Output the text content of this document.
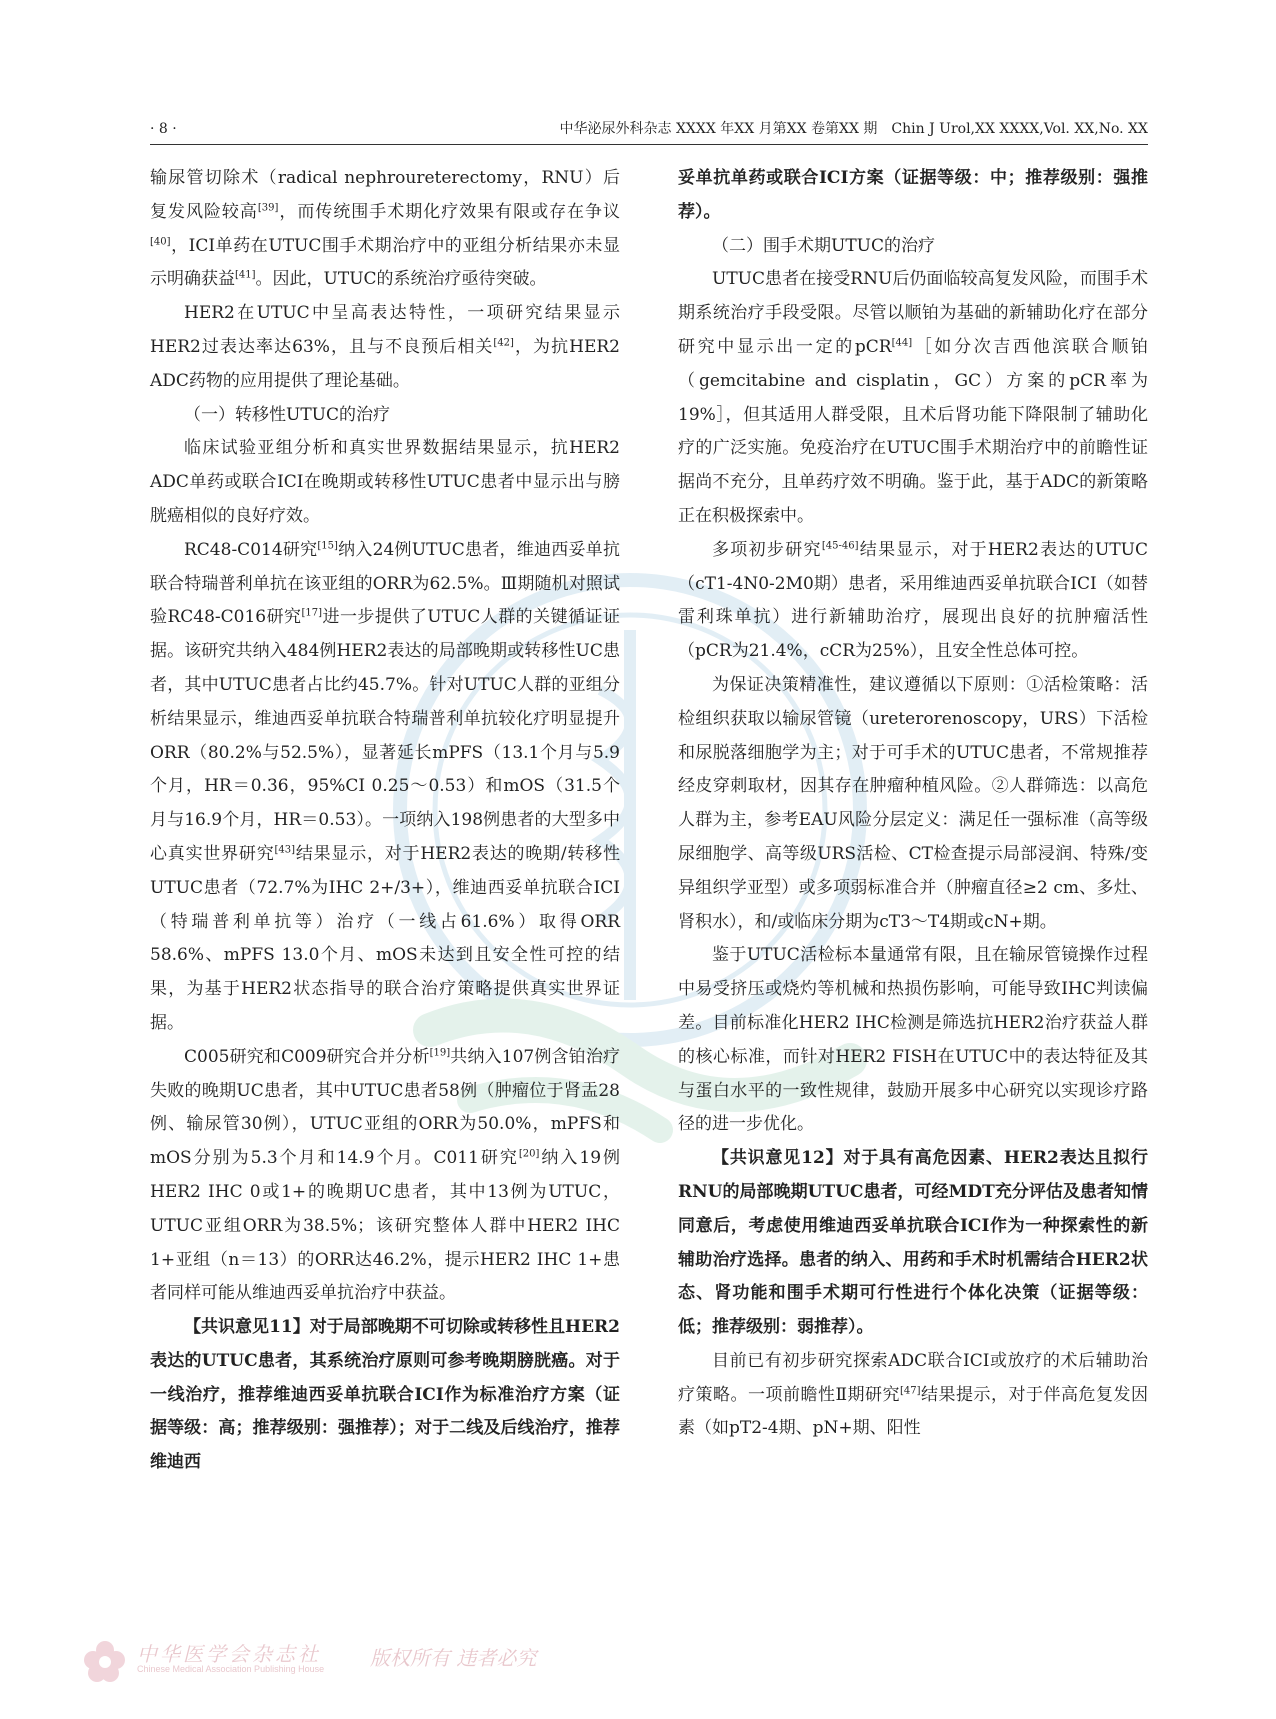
· 8 ·	中华泌尿外科杂志 XXXX 年XX 月第XX 卷第XX 期　Chin J Urol,XX XXXX,Vol. XX,No. XX

输尿管切除术（radical nephroureterectomy，RNU）后复发风险较高[39]，而传统围手术期化疗效果有限或存在争议[40]，ICI单药在UTUC围手术期治疗中的亚组分析结果亦未显示明确获益[41]。因此，UTUC的系统治疗亟待突破。

HER2在UTUC中呈高表达特性，一项研究结果显示HER2过表达率达63%，且与不良预后相关[42]，为抗HER2 ADC药物的应用提供了理论基础。

（一）转移性UTUC的治疗

临床试验亚组分析和真实世界数据结果显示，抗HER2 ADC单药或联合ICI在晚期或转移性UTUC患者中显示出与膀胱癌相似的良好疗效。

RC48-C014研究[15]纳入24例UTUC患者，维迪西妥单抗联合特瑞普利单抗在该亚组的ORR为62.5%。Ⅲ期随机对照试验RC48-C016研究[17]进一步提供了UTUC人群的关键循证证据。该研究共纳入484例HER2表达的局部晚期或转移性UC患者，其中UTUC患者占比约45.7%。针对UTUC人群的亚组分析结果显示，维迪西妥单抗联合特瑞普利单抗较化疗明显提升ORR（80.2%与52.5%），显著延长mPFS（13.1个月与5.9个月，HR＝0.36，95%CI 0.25～0.53）和mOS（31.5个月与16.9个月，HR＝0.53）。一项纳入198例患者的大型多中心真实世界研究[43]结果显示，对于HER2表达的晚期/转移性UTUC患者（72.7%为IHC 2+/3+），维迪西妥单抗联合ICI（特瑞普利单抗等）治疗（一线占61.6%）取得ORR 58.6%、mPFS 13.0个月、mOS未达到且安全性可控的结果，为基于HER2状态指导的联合治疗策略提供真实世界证据。

C005研究和C009研究合并分析[19]共纳入107例含铂治疗失败的晚期UC患者，其中UTUC患者58例（肿瘤位于肾盂28例、输尿管30例），UTUC亚组的ORR为50.0%，mPFS和mOS分别为5.3个月和14.9个月。C011研究[20]纳入19例HER2 IHC 0或1+的晚期UC患者，其中13例为UTUC，UTUC亚组ORR为38.5%；该研究整体人群中HER2 IHC 1+亚组（n＝13）的ORR达46.2%，提示HER2 IHC 1+患者同样可能从维迪西妥单抗治疗中获益。

【共识意见11】对于局部晚期不可切除或转移性且HER2表达的UTUC患者，其系统治疗原则可参考晚期膀胱癌。对于一线治疗，推荐维迪西妥单抗联合ICI作为标准治疗方案（证据等级：高；推荐级别：强推荐）；对于二线及后线治疗，推荐维迪西

妥单抗单药或联合ICI方案（证据等级：中；推荐级别：强推荐）。

（二）围手术期UTUC的治疗

UTUC患者在接受RNU后仍面临较高复发风险，而围手术期系统治疗手段受限。尽管以顺铂为基础的新辅助化疗在部分研究中显示出一定的pCR[44]［如分次吉西他滨联合顺铂（gemcitabine and cisplatin，GC）方案的pCR率为19%］，但其适用人群受限，且术后肾功能下降限制了辅助化疗的广泛实施。免疫治疗在UTUC围手术期治疗中的前瞻性证据尚不充分，且单药疗效不明确。鉴于此，基于ADC的新策略正在积极探索中。

多项初步研究[45-46]结果显示，对于HER2表达的UTUC（cT1-4N0-2M0期）患者，采用维迪西妥单抗联合ICI（如替雷利珠单抗）进行新辅助治疗，展现出良好的抗肿瘤活性（pCR为21.4%，cCR为25%），且安全性总体可控。

为保证决策精准性，建议遵循以下原则：①活检策略：活检组织获取以输尿管镜（ureterorenoscopy，URS）下活检和尿脱落细胞学为主；对于可手术的UTUC患者，不常规推荐经皮穿刺取材，因其存在肿瘤种植风险。②人群筛选：以高危人群为主，参考EAU风险分层定义：满足任一强标准（高等级尿细胞学、高等级URS活检、CT检查提示局部浸润、特殊/变异组织学亚型）或多项弱标准合并（肿瘤直径≥2 cm、多灶、肾积水），和/或临床分期为cT3～T4期或cN+期。

鉴于UTUC活检标本量通常有限，且在输尿管镜操作过程中易受挤压或烧灼等机械和热损伤影响，可能导致IHC判读偏差。目前标准化HER2 IHC检测是筛选抗HER2治疗获益人群的核心标准，而针对HER2 FISH在UTUC中的表达特征及其与蛋白水平的一致性规律，鼓励开展多中心研究以实现诊疗路径的进一步优化。

【共识意见12】对于具有高危因素、HER2表达且拟行RNU的局部晚期UTUC患者，可经MDT充分评估及患者知情同意后，考虑使用维迪西妥单抗联合ICI作为一种探索性的新辅助治疗选择。患者的纳入、用药和手术时机需结合HER2状态、肾功能和围手术期可行性进行个体化决策（证据等级：低；推荐级别：弱推荐）。

目前已有初步研究探索ADC联合ICI或放疗的术后辅助治疗策略。一项前瞻性Ⅱ期研究[47]结果提示，对于伴高危复发因素（如pT2-4期、pN+期、阳性

中华医学会杂志社
Chinese Medical Association Publishing House 版权所有 违者必究
